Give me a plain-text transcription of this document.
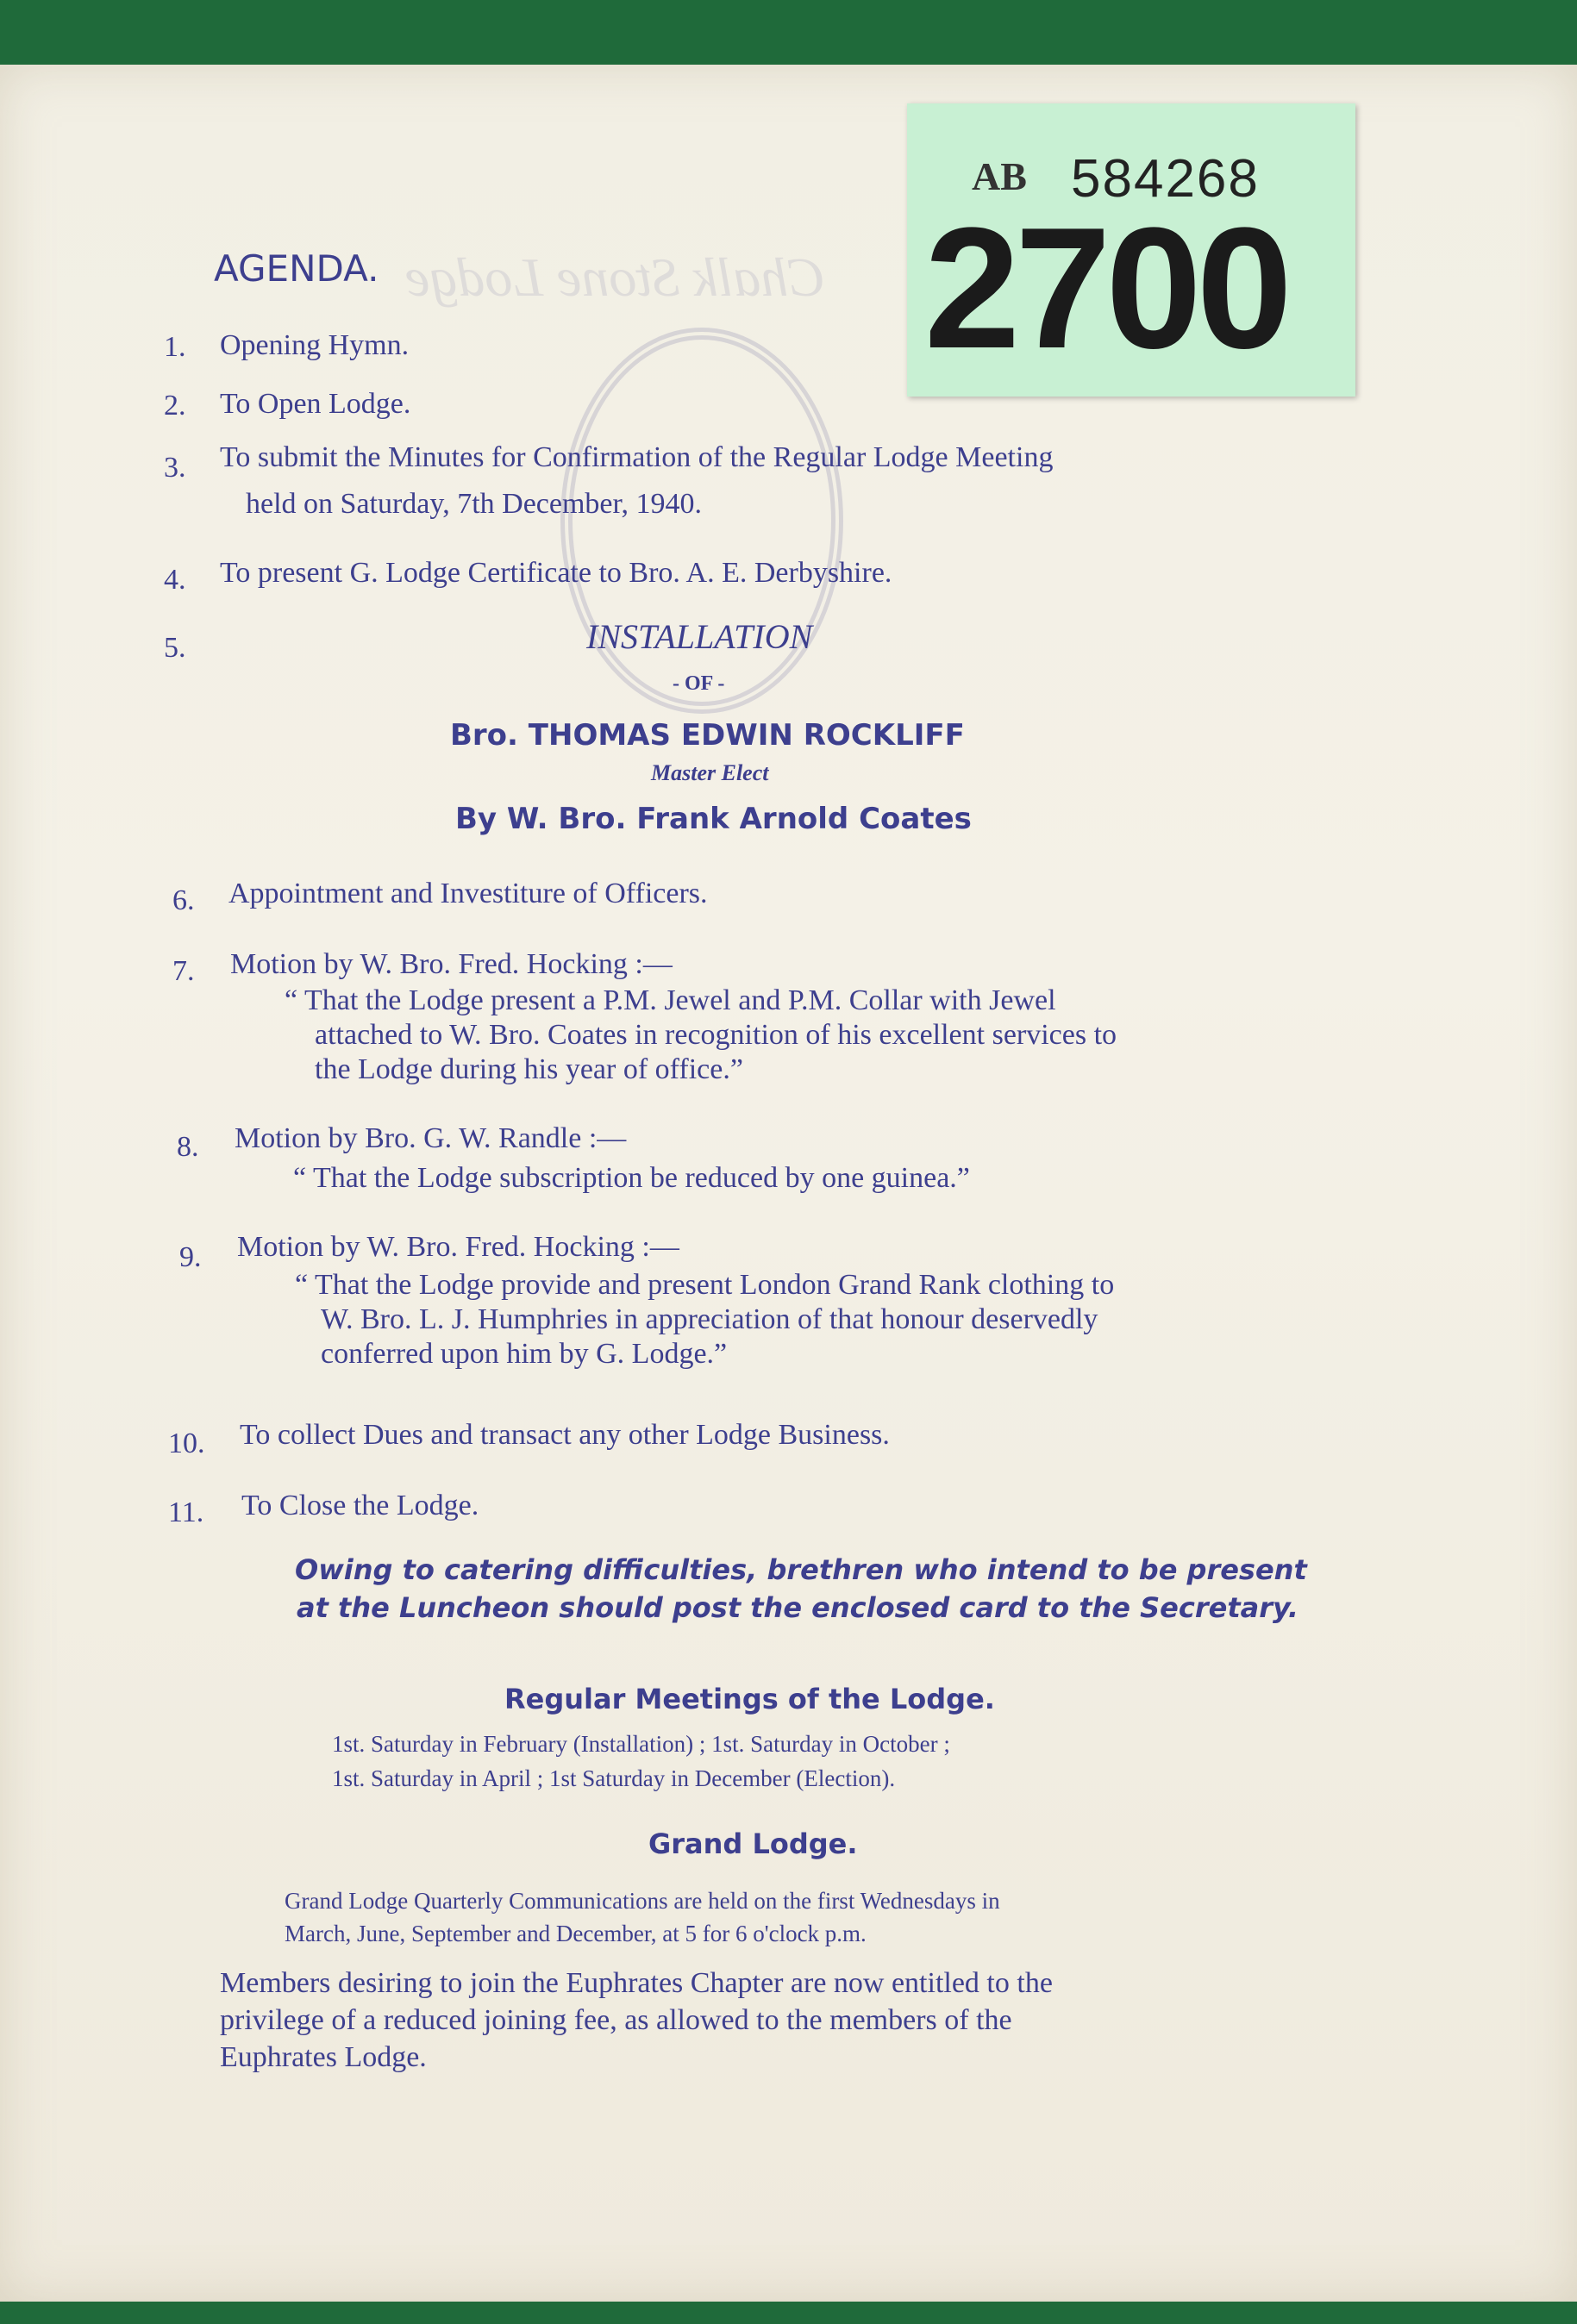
Chalk Stone Lodge
AB 584268
2700
AGENDA.
1. Opening Hymn.
2. To Open Lodge.
3. To submit the Minutes for Confirmation of the Regular Lodge Meeting
held on Saturday, 7th December, 1940.
4. To present G. Lodge Certificate to Bro. A. E. Derbyshire.
5.	INSTALLATION
- OF -
Bro. THOMAS EDWIN ROCKLIFF
Master Elect
By W. Bro. Frank Arnold Coates
6. Appointment and Investiture of Officers.
7. Motion by W. Bro. Fred. Hocking :—
“ That the Lodge present a P.M. Jewel and P.M. Collar with Jewel
attached to W. Bro. Coates in recognition of his excellent services to
the Lodge during his year of office.”
8. Motion by Bro. G. W. Randle :—
“ That the Lodge subscription be reduced by one guinea.”
9. Motion by W. Bro. Fred. Hocking :—
“ That the Lodge provide and present London Grand Rank clothing to
W. Bro. L. J. Humphries in appreciation of that honour deservedly
conferred upon him by G. Lodge.”
10. To collect Dues and transact any other Lodge Business.
11. To Close the Lodge.
Owing to catering difficulties, brethren who intend to be present
at the Luncheon should post the enclosed card to the Secretary.
Regular Meetings of the Lodge.
1st. Saturday in February (Installation) ; 1st. Saturday in October ;
1st. Saturday in April ; 1st Saturday in December (Election).
Grand Lodge.
Grand Lodge Quarterly Communications are held on the first Wednesdays in
March, June, September and December, at 5 for 6 o'clock p.m.
Members desiring to join the Euphrates Chapter are now entitled to the
privilege of a reduced joining fee, as allowed to the members of the
Euphrates Lodge.
